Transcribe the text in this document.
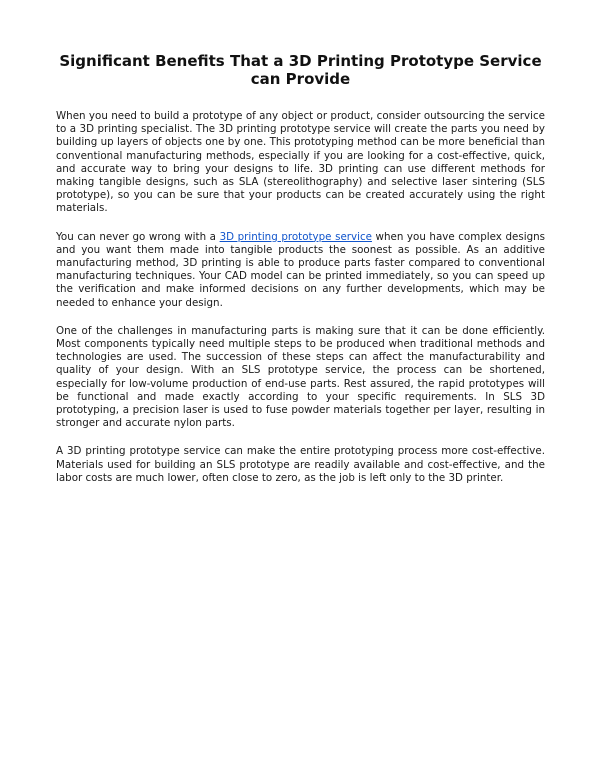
Significant Benefits That a 3D Printing Prototype Service can Provide

When you need to build a prototype of any object or product, consider outsourcing the service to a 3D printing specialist. The 3D printing prototype service will create the parts you need by building up layers of objects one by one. This prototyping method can be more beneficial than conventional manufacturing methods, especially if you are looking for a cost-effective, quick, and accurate way to bring your designs to life. 3D printing can use different methods for making tangible designs, such as SLA (stereolithography) and selective laser sintering (SLS prototype), so you can be sure that your products can be created accurately using the right materials.

You can never go wrong with a 3D printing prototype service when you have complex designs and you want them made into tangible products the soonest as possible. As an additive manufacturing method, 3D printing is able to produce parts faster compared to conventional manufacturing techniques. Your CAD model can be printed immediately, so you can speed up the verification and make informed decisions on any further developments, which may be needed to enhance your design.

One of the challenges in manufacturing parts is making sure that it can be done efficiently. Most components typically need multiple steps to be produced when traditional methods and technologies are used. The succession of these steps can affect the manufacturability and quality of your design. With an SLS prototype service, the process can be shortened, especially for low-volume production of end-use parts. Rest assured, the rapid prototypes will be functional and made exactly according to your specific requirements. In SLS 3D prototyping, a precision laser is used to fuse powder materials together per layer, resulting in stronger and accurate nylon parts.

A 3D printing prototype service can make the entire prototyping process more cost-effective. Materials used for building an SLS prototype are readily available and cost-effective, and the labor costs are much lower, often close to zero, as the job is left only to the 3D printer.
